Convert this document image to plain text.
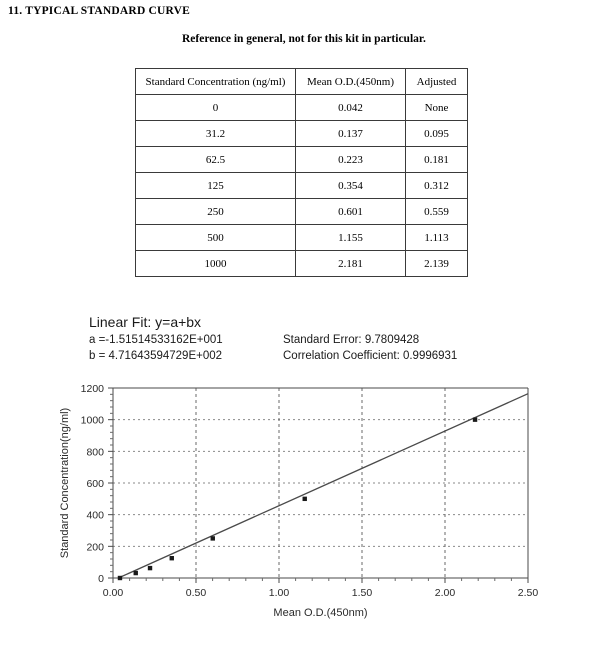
11. TYPICAL STANDARD CURVE
Reference in general, not for this kit in particular.
Standard Concentration (ng/ml)	Mean O.D.(450nm)	Adjusted
0	0.042	None
31.2	0.137	0.095
62.5	0.223	0.181
125	0.354	0.312
250	0.601	0.559
500	1.155	1.113
1000	2.181	2.139
Linear Fit: y=a+bx
a =-1.51514533162E+001
b = 4.71643594729E+002
Standard Error: 9.7809428
Correlation Coefficient: 0.9996931
0
200
400
600
800
1000
1200
0.00	0.50	1.00	1.50	2.00	2.50
Mean O.D.(450nm)
Standard Concentration(ng/ml)
